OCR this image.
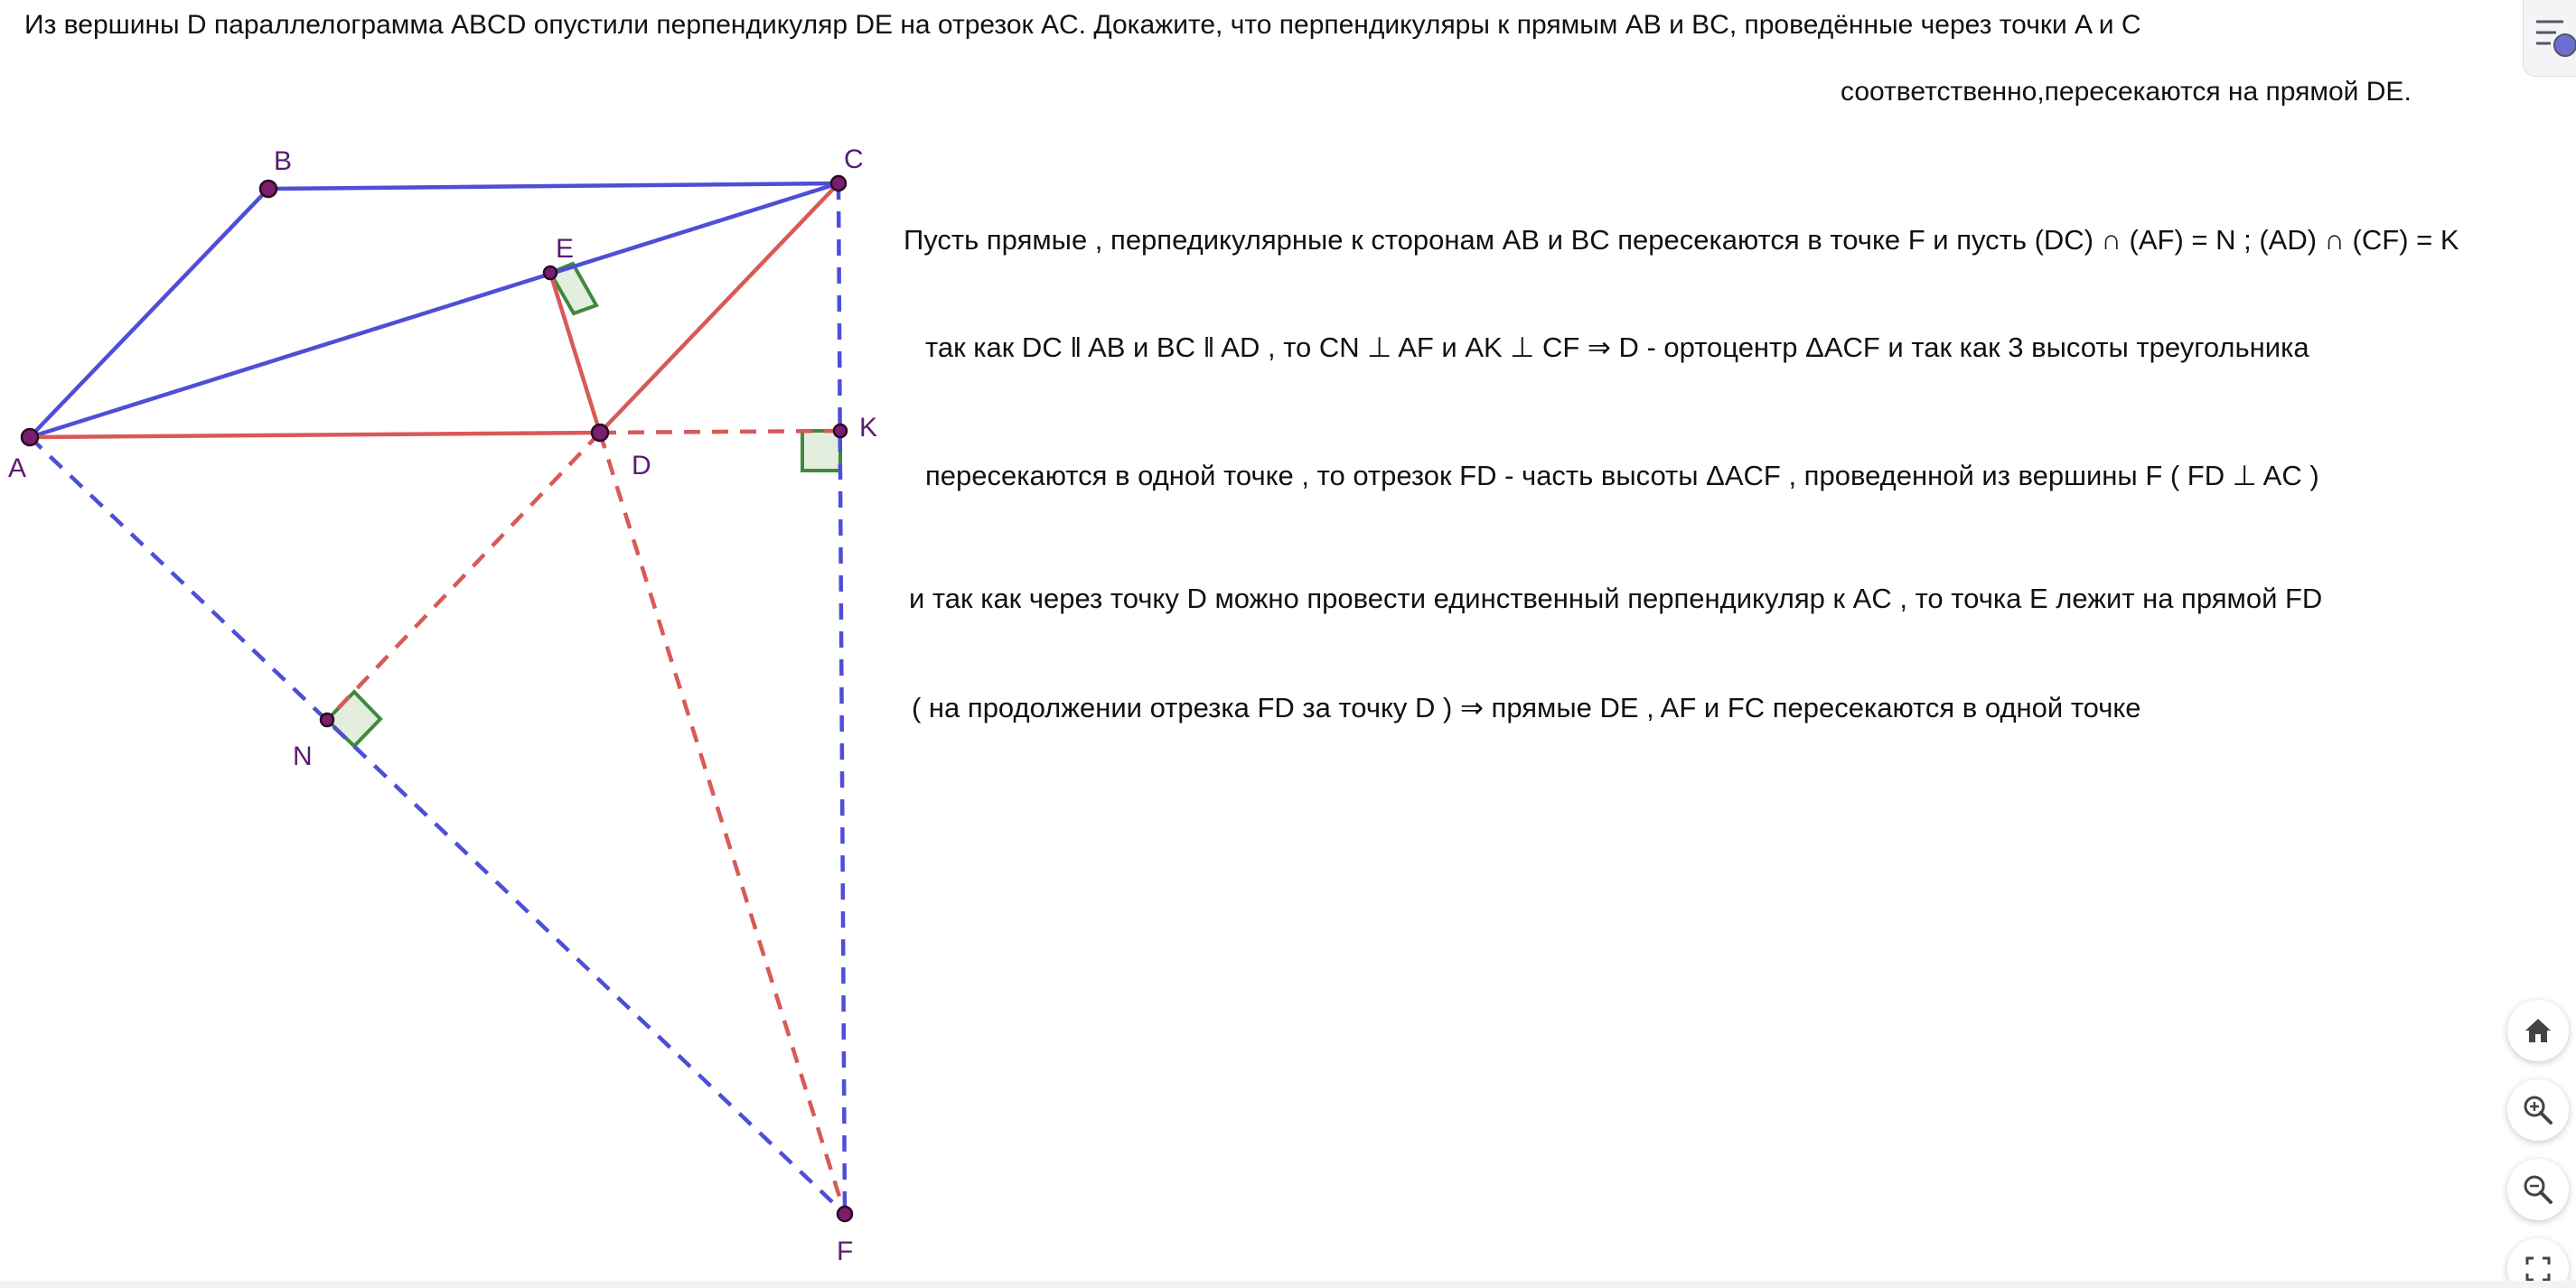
A
B	C
D
E
K
N
F
Из вершины D параллелограмма ABCD опустили перпендикуляр DE на отрезок AC. Докажите, что перпендикуляры к прямым AB и BC, проведённые через точки A и C
соответственно,пересекаются на прямой DE.
Пусть прямые , перпедикулярные к сторонам AB и BC пересекаются в точке F и пусть (DC) ∩ (AF) = N ; (AD) ∩ (CF) = K
так как DC ǁ AB и BC ǁ AD , то CN ⊥ AF и AK ⊥ CF ⇒ D - ортоцентр ΔACF и так как 3 высоты треугольника
пересекаются в одной точке , то отрезок FD - часть высоты ΔACF , проведенной из вершины F ( FD ⊥ AC )
и так как через точку D можно провести единственный перпендикуляр к AC , то точка E лежит на прямой FD
( на продолжении отрезка FD за точку D ) ⇒ прямые DE , AF и FC пересекаются в одной точке
